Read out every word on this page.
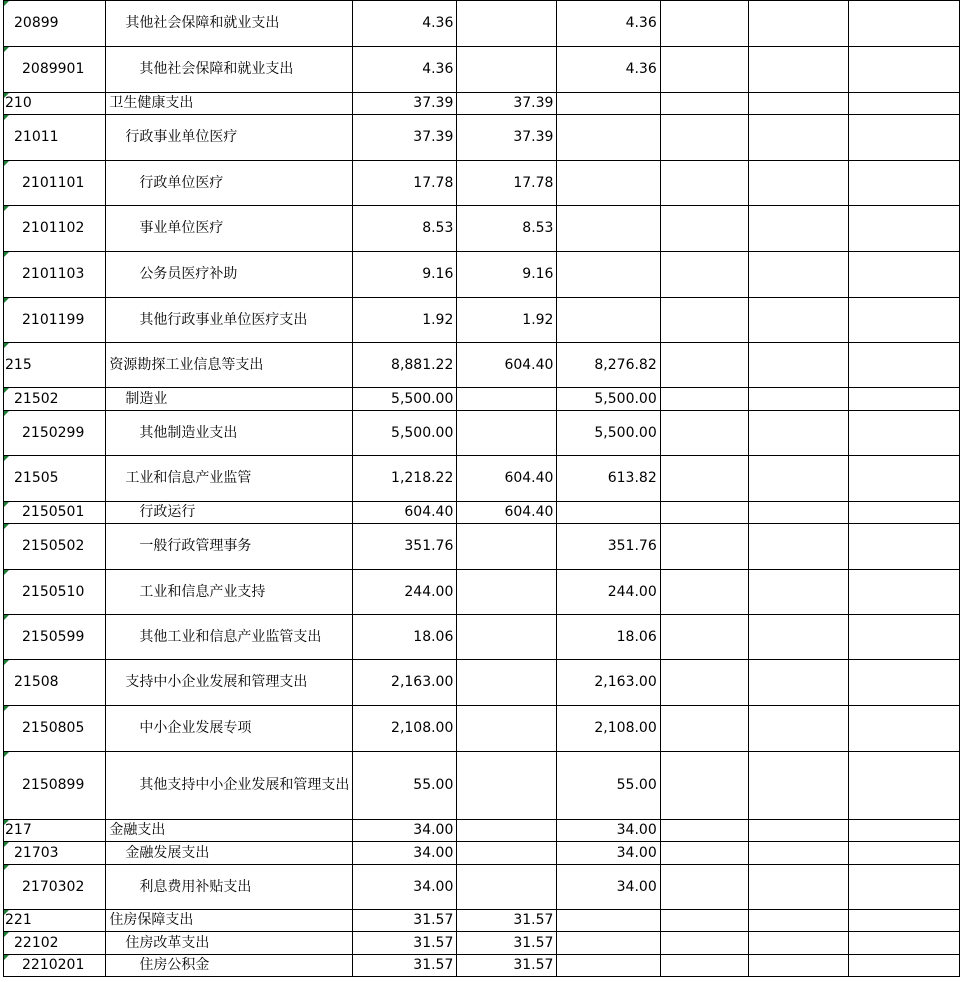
20899	其他社会保障和就业支出	4.36		4.36			

2089901	其他社会保障和就业支出	4.36		4.36			

210	卫生健康支出	37.39	37.39				

21011	行政事业单位医疗	37.39	37.39				

2101101	行政单位医疗	17.78	17.78				

2101102	事业单位医疗	8.53	8.53				

2101103	公务员医疗补助	9.16	9.16				

2101199	其他行政事业单位医疗支出	1.92	1.92				

215	资源勘探工业信息等支出	8,881.22	604.40	8,276.82			

21502	制造业	5,500.00		5,500.00			

2150299	其他制造业支出	5,500.00		5,500.00			

21505	工业和信息产业监管	1,218.22	604.40	613.82			

2150501	行政运行	604.40	604.40				

2150502	一般行政管理事务	351.76		351.76			

2150510	工业和信息产业支持	244.00		244.00			

2150599	其他工业和信息产业监管支出	18.06		18.06			

21508	支持中小企业发展和管理支出	2,163.00		2,163.00			

2150805	中小企业发展专项	2,108.00		2,108.00			

2150899	其他支持中小企业发展和管理支出	55.00		55.00			

217	金融支出	34.00		34.00			

21703	金融发展支出	34.00		34.00			

2170302	利息费用补贴支出	34.00		34.00			

221	住房保障支出	31.57	31.57				

22102	住房改革支出	31.57	31.57				

2210201	住房公积金	31.57	31.57				
